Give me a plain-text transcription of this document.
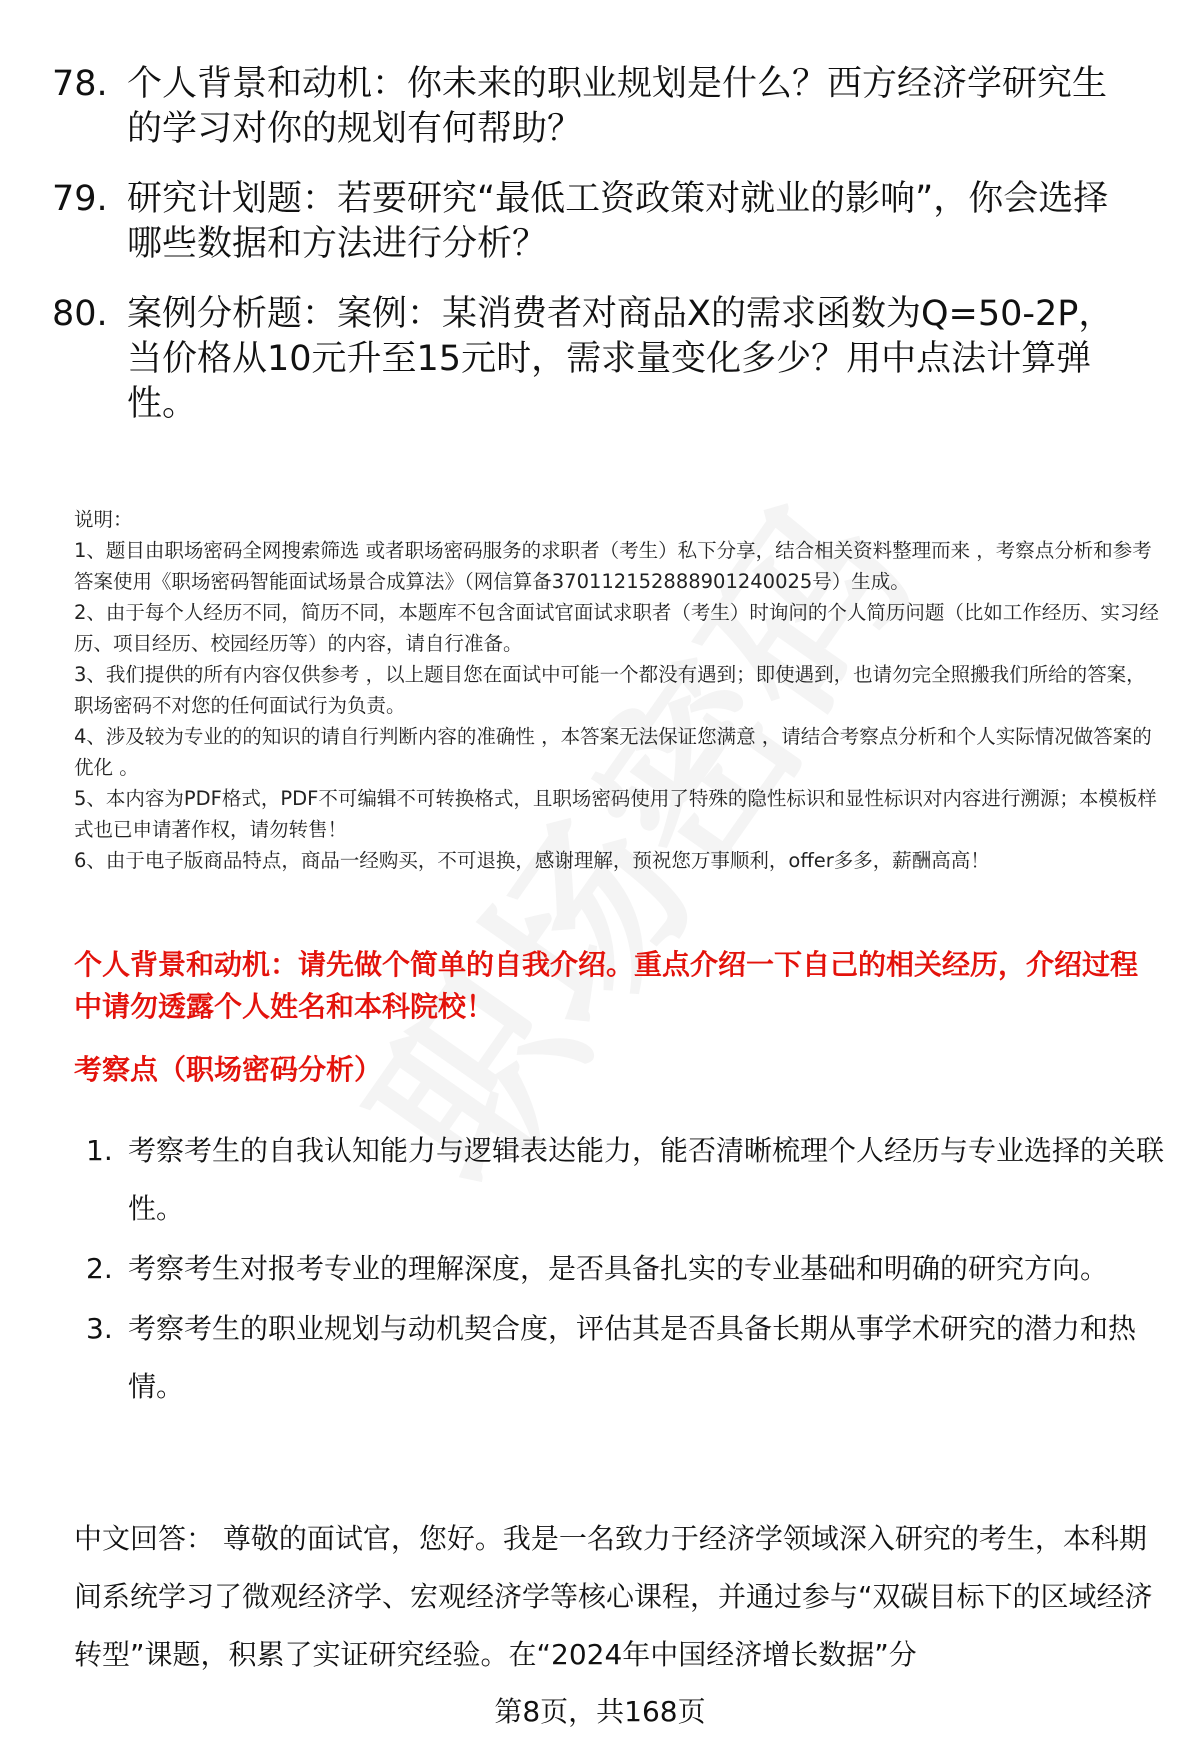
78. 个人背景和动机：你未来的职业规划是什么？西方经济学研究生的学习对你的规划有何帮助？
79. 研究计划题：若要研究“最低工资政策对就业的影响”，你会选择哪些数据和方法进行分析？
80. 案例分析题：案例：某消费者对商品X的需求函数为Q=50-2P，当价格从10元升至15元时，需求量变化多少？用中点法计算弹性。

说明：

1、题目由职场密码全网搜索筛选 或者职场密码服务的求职者（考生）私下分享，结合相关资料整理而来 ，考察点分析和参考答案使用《职场密码智能面试场景合成算法》（网信算备370112152888901240025号）生成。

2、由于每个人经历不同，简历不同，本题库不包含面试官面试求职者（考生）时询问的个人简历问题（比如工作经历、实习经历、项目经历、校园经历等）的内容，请自行准备。

3、我们提供的所有内容仅供参考 ，以上题目您在面试中可能一个都没有遇到；即使遇到，也请勿完全照搬我们所给的答案，职场密码不对您的任何面试行为负责。

4、涉及较为专业的的知识的请自行判断内容的准确性 ，本答案无法保证您满意 ，请结合考察点分析和个人实际情况做答案的优化 。

5、本内容为PDF格式，PDF不可编辑不可转换格式，且职场密码使用了特殊的隐性标识和显性标识对内容进行溯源；本模板样式也已申请著作权，请勿转售！

6、由于电子版商品特点，商品一经购买，不可退换，感谢理解，预祝您万事顺利，offer多多，薪酬高高！

个人背景和动机：请先做个简单的自我介绍。重点介绍一下自己的相关经历，介绍过程中请勿透露个人姓名和本科院校！
考察点（职场密码分析）
1. 考察考生的自我认知能力与逻辑表达能力，能否清晰梳理个人经历与专业选择的关联性。
2. 考察考生对报考专业的理解深度，是否具备扎实的专业基础和明确的研究方向。
3. 考察考生的职业规划与动机契合度，评估其是否具备长期从事学术研究的潜力和热情。
中文回答： 尊敬的面试官，您好。我是一名致力于经济学领域深入研究的考生，本科期间系统学习了微观经济学、宏观经济学等核心课程，并通过参与“双碳目标下的区域经济转型”课题，积累了实证研究经验。在“2024年中国经济增长数据”分
第8页，共168页
